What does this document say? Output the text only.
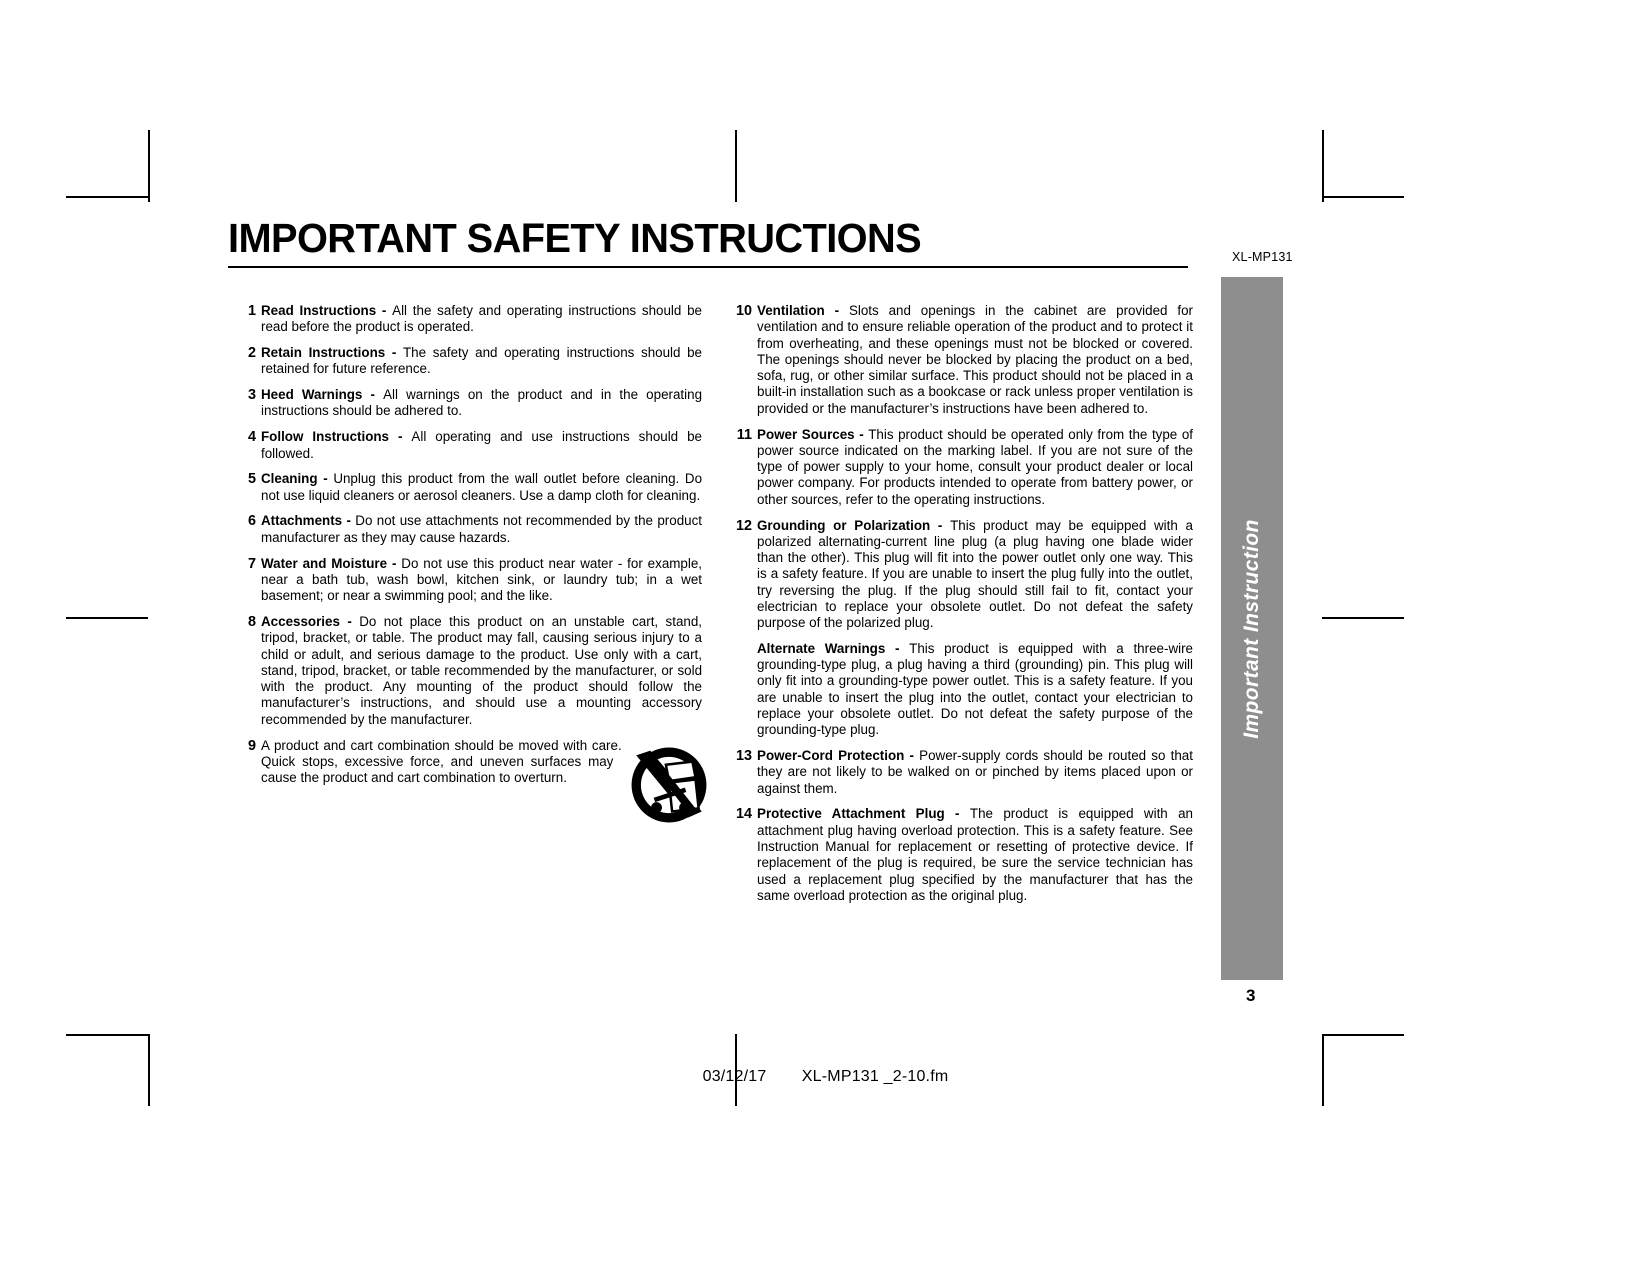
IMPORTANT SAFETY INSTRUCTIONS	XL-MP131
1 Read Instructions - All the safety and operating instructions should be read before the product is operated.
2 Retain Instructions - The safety and operating instructions should be retained for future reference.
3 Heed Warnings - All warnings on the product and in the operating instructions should be adhered to.
4 Follow Instructions - All operating and use instructions should be followed.
5 Cleaning - Unplug this product from the wall outlet before cleaning. Do not use liquid cleaners or aerosol cleaners. Use a damp cloth for cleaning.
6 Attachments - Do not use attachments not recommended by the product manufacturer as they may cause hazards.
7 Water and Moisture - Do not use this product near water - for example, near a bath tub, wash bowl, kitchen sink, or laundry tub; in a wet basement; or near a swimming pool; and the like.
8 Accessories - Do not place this product on an unstable cart, stand, tripod, bracket, or table. The product may fall, causing serious injury to a child or adult, and serious damage to the product. Use only with a cart, stand, tripod, bracket, or table recommended by the manufacturer, or sold with the product. Any mounting of the product should follow the manufacturer’s instructions, and should use a mounting accessory recommended by the manufacturer.
9 A product and cart combination should be moved with care. Quick stops, excessive force, and uneven surfaces may cause the product and cart combination to overturn.
10 Ventilation - Slots and openings in the cabinet are provided for ventilation and to ensure reliable operation of the product and to protect it from overheating, and these openings must not be blocked or covered. The openings should never be blocked by placing the product on a bed, sofa, rug, or other similar surface. This product should not be placed in a built-in installation such as a bookcase or rack unless proper ventilation is provided or the manufacturer’s instructions have been adhered to.
11 Power Sources - This product should be operated only from the type of power source indicated on the marking label. If you are not sure of the type of power supply to your home, consult your product dealer or local power company. For products intended to operate from battery power, or other sources, refer to the operating instructions.
12 Grounding or Polarization - This product may be equipped with a polarized alternating-current line plug (a plug having one blade wider than the other). This plug will fit into the power outlet only one way. This is a safety feature. If you are unable to insert the plug fully into the outlet, try reversing the plug. If the plug should still fail to fit, contact your electrician to replace your obsolete outlet. Do not defeat the safety purpose of the polarized plug.
Alternate Warnings - This product is equipped with a three-wire grounding-type plug, a plug having a third (grounding) pin. This plug will only fit into a grounding-type power outlet. This is a safety feature. If you are unable to insert the plug into the outlet, contact your electrician to replace your obsolete outlet. Do not defeat the safety purpose of the grounding-type plug.
13 Power-Cord Protection - Power-supply cords should be routed so that they are not likely to be walked on or pinched by items placed upon or against them.
14 Protective Attachment Plug - The product is equipped with an attachment plug having overload protection. This is a safety feature. See Instruction Manual for replacement or resetting of protective device. If replacement of the plug is required, be sure the service technician has used a replacement plug specified by the manufacturer that has the same overload protection as the original plug.
Important Instruction
3
03/12/17 XL-MP131 _2-10.fm
